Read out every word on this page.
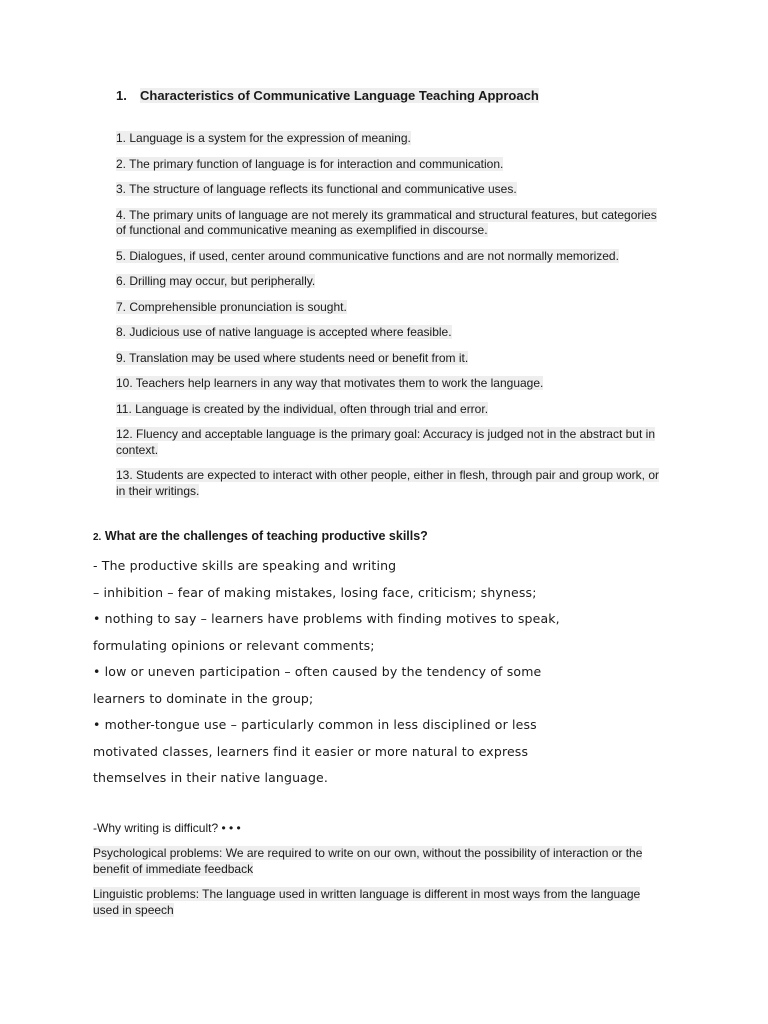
1. Characteristics of Communicative Language Teaching Approach
1. Language is a system for the expression of meaning.
2. The primary function of language is for interaction and communication.
3. The structure of language reflects its functional and communicative uses.
4. The primary units of language are not merely its grammatical and structural features, but categories of functional and communicative meaning as exemplified in discourse.
5. Dialogues, if used, center around communicative functions and are not normally memorized.
6. Drilling may occur, but peripherally.
7. Comprehensible pronunciation is sought.
8. Judicious use of native language is accepted where feasible.
9. Translation may be used where students need or benefit from it.
10. Teachers help learners in any way that motivates them to work the language.
11. Language is created by the individual, often through trial and error.
12. Fluency and acceptable language is the primary goal: Accuracy is judged not in the abstract but in context.
13. Students are expected to interact with other people, either in flesh, through pair and group work, or in their writings.
2. What are the challenges of teaching productive skills?
- The productive skills are speaking and writing
– inhibition – fear of making mistakes, losing face, criticism; shyness;
• nothing to say – learners have problems with finding motives to speak,
formulating opinions or relevant comments;
• low or uneven participation – often caused by the tendency of some
learners to dominate in the group;
• mother-tongue use – particularly common in less disciplined or less
motivated classes, learners find it easier or more natural to express
themselves in their native language.
-Why writing is difficult? • • •
Psychological problems: We are required to write on our own, without the possibility of interaction or the benefit of immediate feedback
Linguistic problems: The language used in written language is different in most ways from the language used in speech
